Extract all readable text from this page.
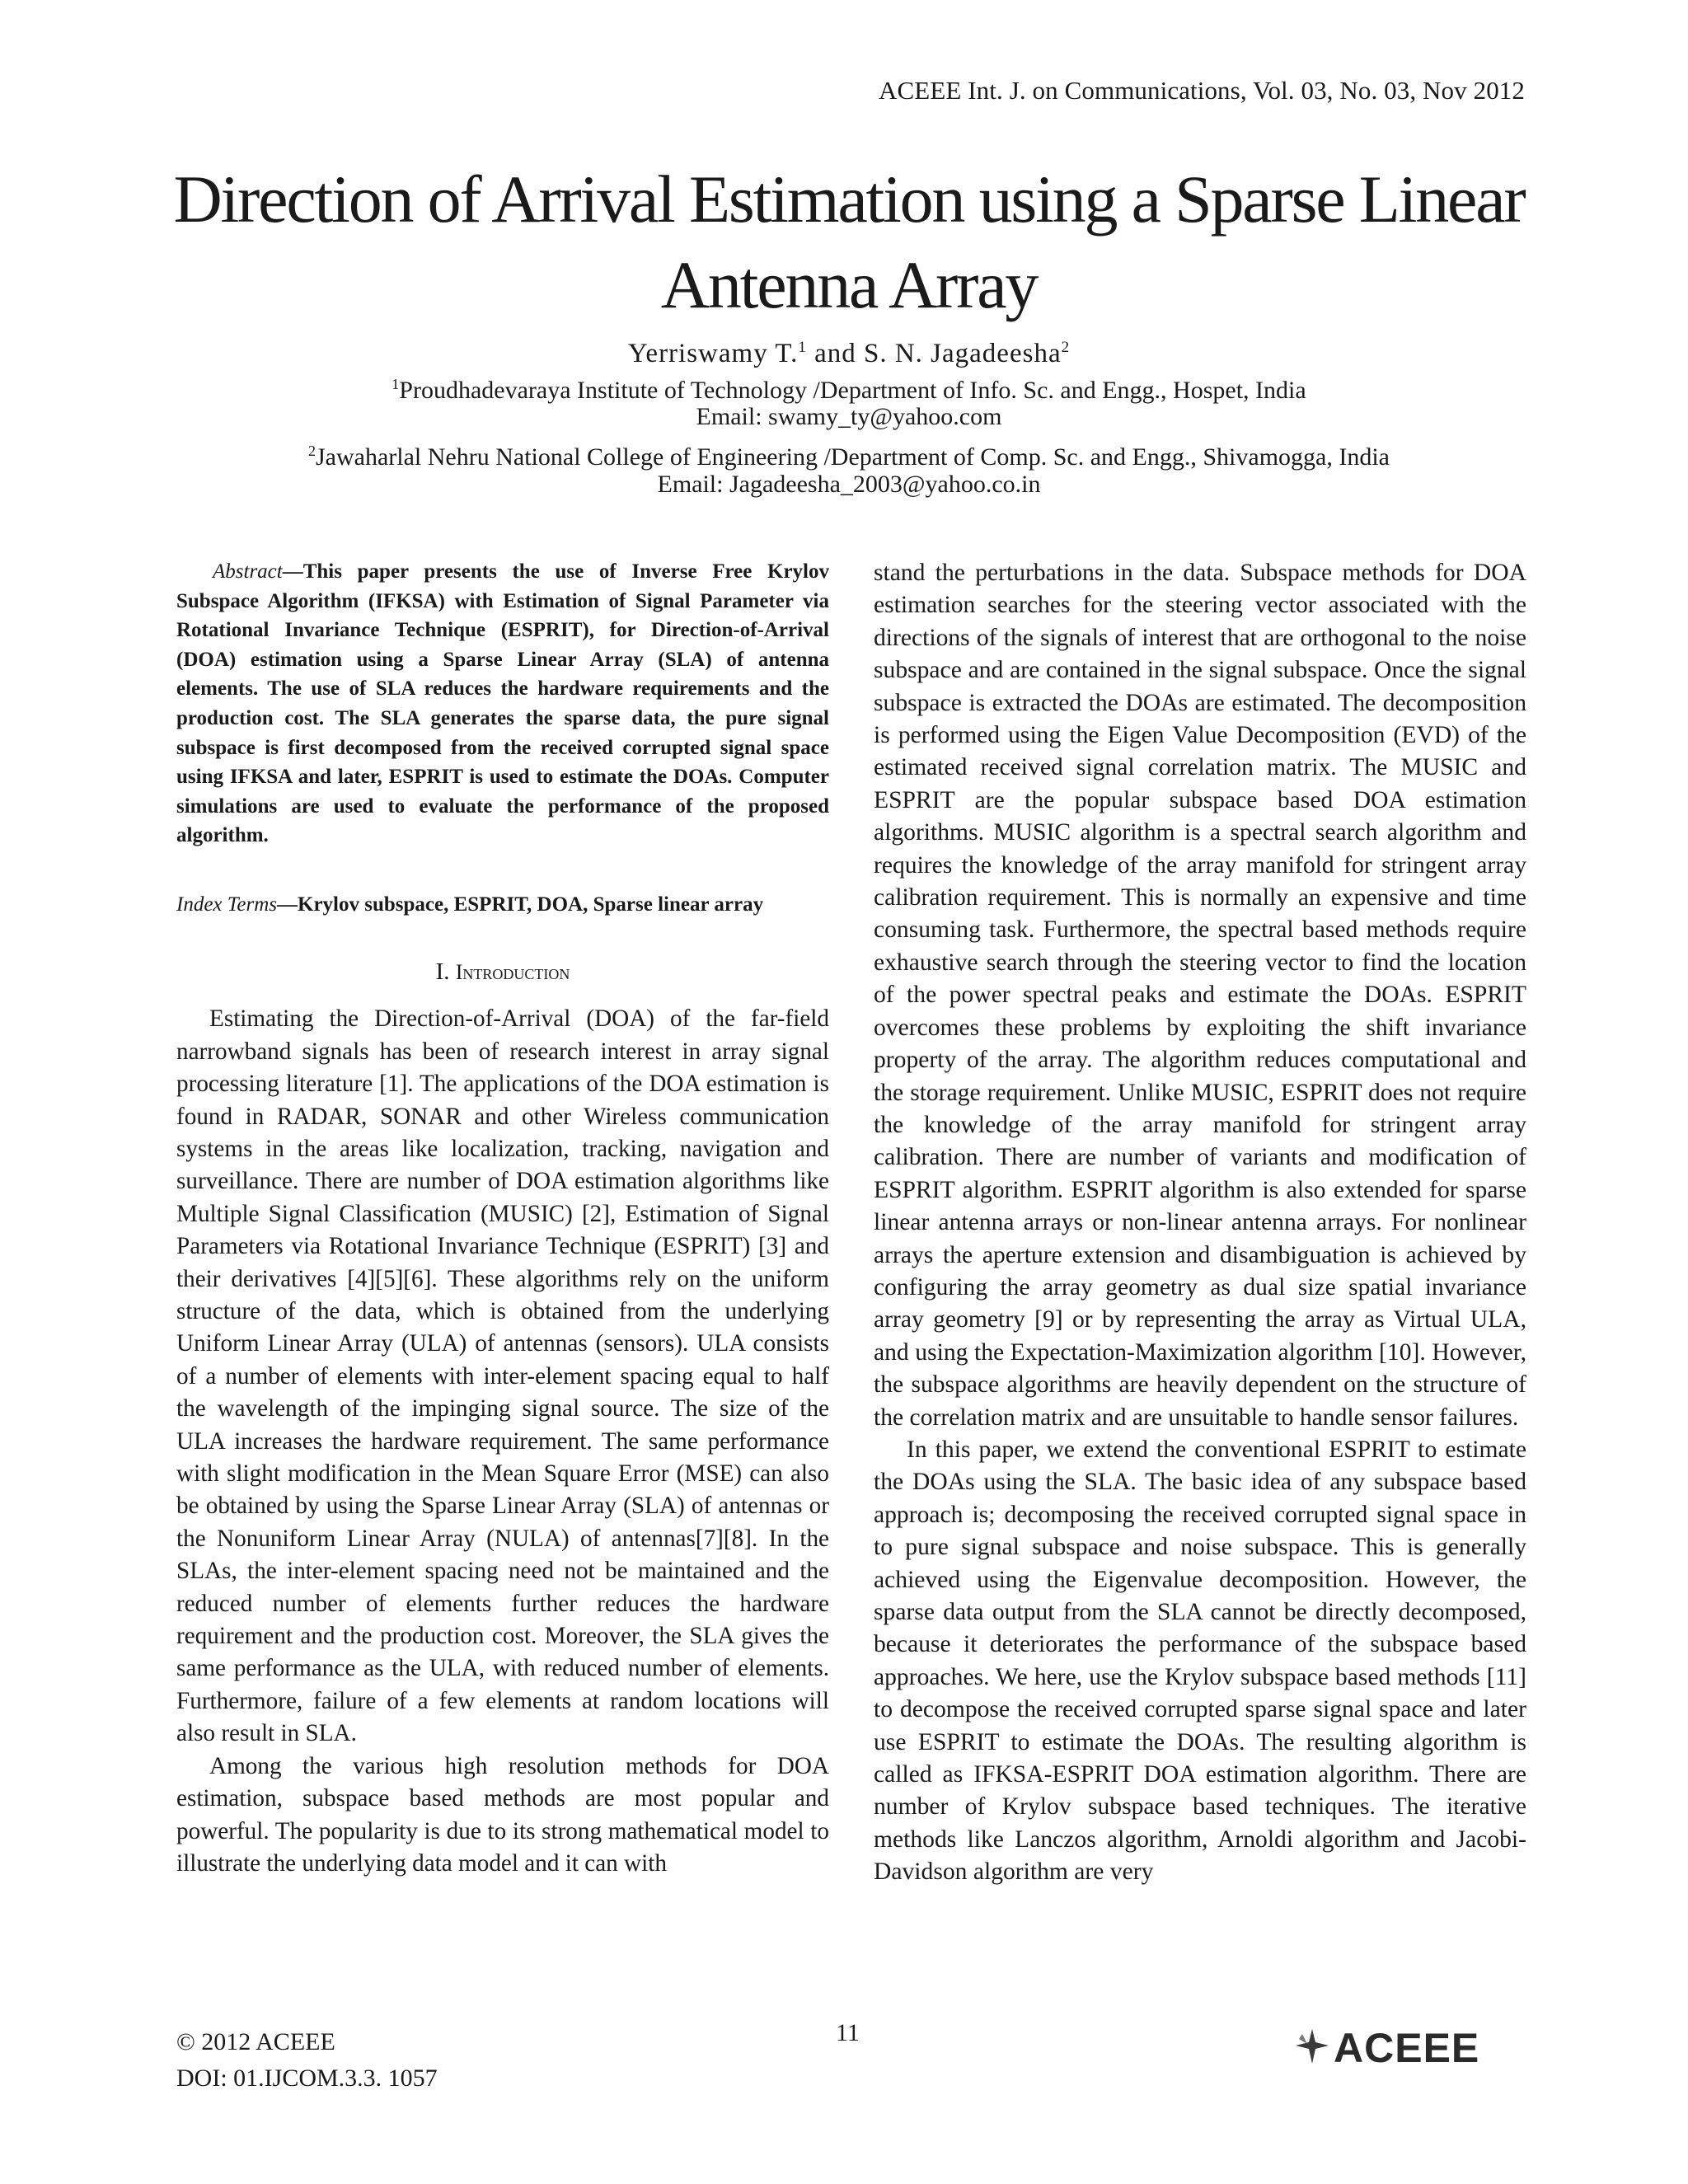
ACEEE Int. J. on Communications, Vol. 03, No. 03, Nov 2012
Direction of Arrival Estimation using a Sparse Linear Antenna Array
Yerriswamy T.$^1$ and S. N. Jagadeesha$^2$
$^1$Proudhadevaraya Institute of Technology /Department of Info. Sc. and Engg., Hospet, India
Email: swamy_ty@yahoo.com
$^2$Jawaharlal Nehru National College of Engineering /Department of Comp. Sc. and Engg., Shivamogga, India
Email: Jagadeesha_2003@yahoo.co.in

Abstract—This paper presents the use of Inverse Free Krylov Subspace Algorithm (IFKSA) with Estimation of Signal Parameter via Rotational Invariance Technique (ESPRIT), for Direction-of-Arrival (DOA) estimation using a Sparse Linear Array (SLA) of antenna elements. The use of SLA reduces the hardware requirements and the production cost. The SLA generates the sparse data, the pure signal subspace is first decomposed from the received corrupted signal space using IFKSA and later, ESPRIT is used to estimate the DOAs. Computer simulations are used to evaluate the performance of the proposed algorithm.

Index Terms—Krylov subspace, ESPRIT, DOA, Sparse linear array
I. Introduction

Estimating the Direction-of-Arrival (DOA) of the far-field narrowband signals has been of research interest in array signal processing literature [1]. The applications of the DOA estimation is found in RADAR, SONAR and other Wireless communication systems in the areas like localization, tracking, navigation and surveillance. There are number of DOA estimation algorithms like Multiple Signal Classification (MUSIC) [2], Estimation of Signal Parameters via Rotational Invariance Technique (ESPRIT) [3] and their derivatives [4][5][6]. These algorithms rely on the uniform structure of the data, which is obtained from the underlying Uniform Linear Array (ULA) of antennas (sensors). ULA consists of a number of elements with inter-element spacing equal to half the wavelength of the impinging signal source. The size of the ULA increases the hardware requirement. The same performance with slight modification in the Mean Square Error (MSE) can also be obtained by using the Sparse Linear Array (SLA) of antennas or the Nonuniform Linear Array (NULA) of antennas[7][8]. In the SLAs, the inter-element spacing need not be maintained and the reduced number of elements further reduces the hardware requirement and the production cost. Moreover, the SLA gives the same performance as the ULA, with reduced number of elements. Furthermore, failure of a few elements at random locations will also result in SLA.

Among the various high resolution methods for DOA estimation, subspace based methods are most popular and powerful. The popularity is due to its strong mathematical model to illustrate the underlying data model and it can with

stand the perturbations in the data. Subspace methods for DOA estimation searches for the steering vector associated with the directions of the signals of interest that are orthogonal to the noise subspace and are contained in the signal subspace. Once the signal subspace is extracted the DOAs are estimated. The decomposition is performed using the Eigen Value Decomposition (EVD) of the estimated received signal correlation matrix. The MUSIC and ESPRIT are the popular subspace based DOA estimation algorithms. MUSIC algorithm is a spectral search algorithm and requires the knowledge of the array manifold for stringent array calibration requirement. This is normally an expensive and time consuming task. Furthermore, the spectral based methods require exhaustive search through the steering vector to find the location of the power spectral peaks and estimate the DOAs. ESPRIT overcomes these problems by exploiting the shift invariance property of the array. The algorithm reduces computational and the storage requirement. Unlike MUSIC, ESPRIT does not require the knowledge of the array manifold for stringent array calibration. There are number of variants and modification of ESPRIT algorithm. ESPRIT algorithm is also extended for sparse linear antenna arrays or non-linear antenna arrays. For nonlinear arrays the aperture extension and disambiguation is achieved by configuring the array geometry as dual size spatial invariance array geometry [9] or by representing the array as Virtual ULA, and using the Expectation-Maximization algorithm [10]. However, the subspace algorithms are heavily dependent on the structure of the correlation matrix and are unsuitable to handle sensor failures.

In this paper, we extend the conventional ESPRIT to estimate the DOAs using the SLA. The basic idea of any subspace based approach is; decomposing the received corrupted signal space in to pure signal subspace and noise subspace. This is generally achieved using the Eigenvalue decomposition. However, the sparse data output from the SLA cannot be directly decomposed, because it deteriorates the performance of the subspace based approaches. We here, use the Krylov subspace based methods [11] to decompose the received corrupted sparse signal space and later use ESPRIT to estimate the DOAs. The resulting algorithm is called as IFKSA-ESPRIT DOA estimation algorithm. There are number of Krylov subspace based techniques. The iterative methods like Lanczos algorithm, Arnoldi algorithm and Jacobi-Davidson algorithm are very

© 2012 ACEEE
DOI: 01.IJCOM.3.3. 1057
11	ACEEE
